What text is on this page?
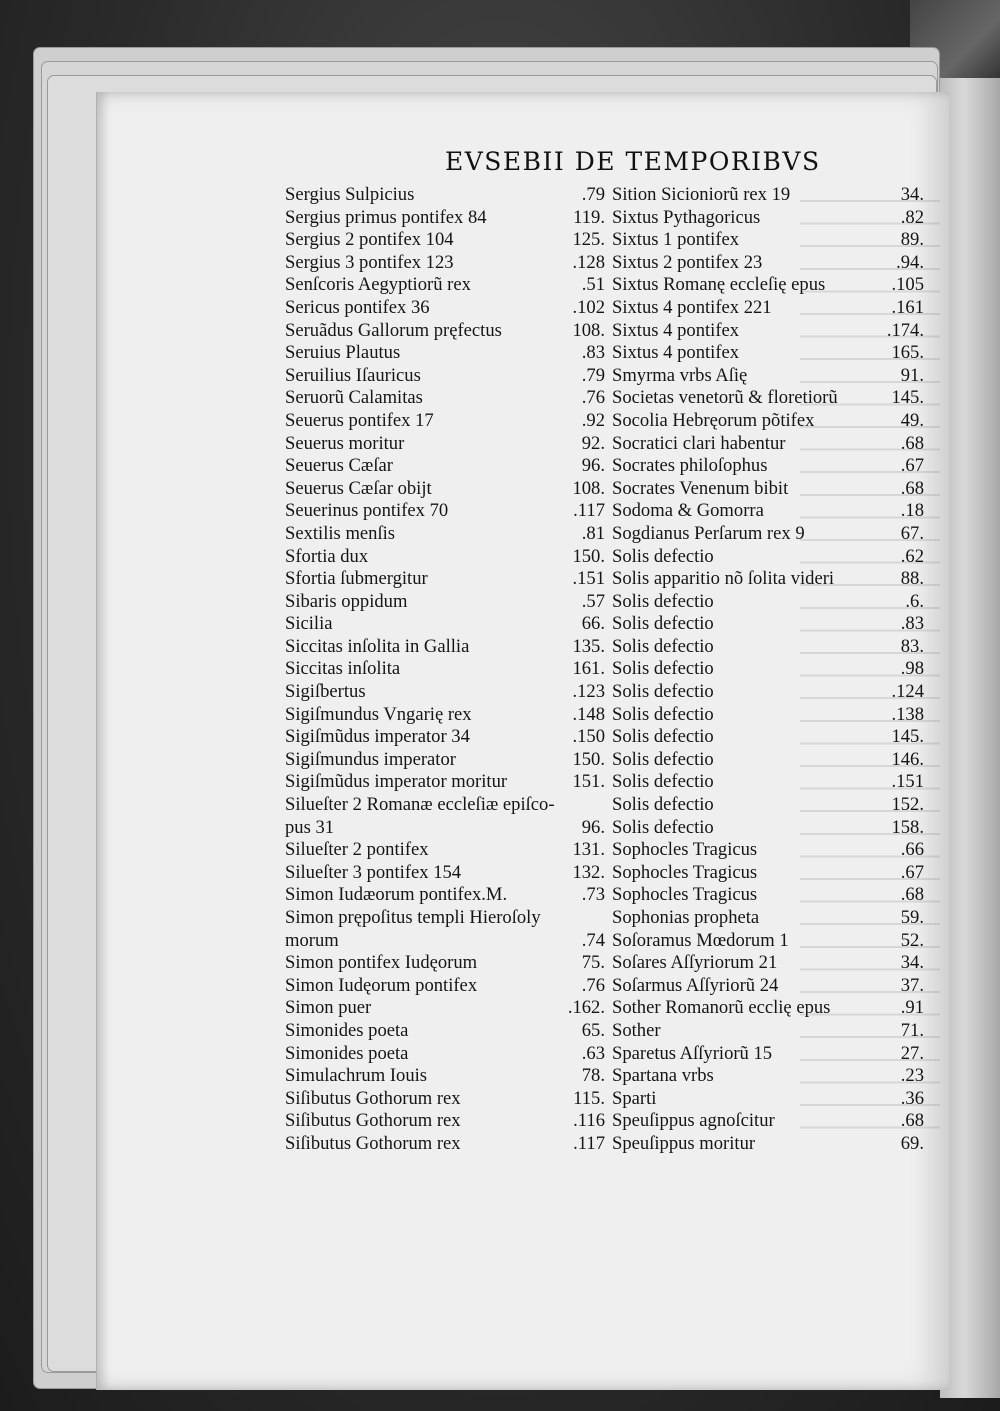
EVSEBII DE TEMPORIBVS
Sergius Sulpicius	.79
Sergius primus pontifex 84	119.
Sergius 2 pontifex 104	125.
Sergius 3 pontifex 123	.128
Senſcoris Aegyptiorũ rex	.51
Sericus pontifex 36	.102
Seruãdus Gallorum pręfectus	108.
Seruius Plautus	.83
Seruilius Iſauricus	.79
Seruorũ Calamitas	.76
Seuerus pontifex 17	.92
Seuerus moritur	92.
Seuerus Cæſar	96.
Seuerus Cæſar obijt	108.
Seuerinus pontifex 70	.117
Sextilis menſis	.81
Sfortia dux	150.
Sfortia ſubmergitur	.151
Sibaris oppidum	.57
Sicilia	66.
Siccitas inſolita in Gallia	135.
Siccitas inſolita	161.
Sigiſbertus	.123
Sigiſmundus Vngarię rex	.148
Sigiſmũdus imperator 34	.150
Sigiſmundus imperator	150.
Sigiſmũdus imperator moritur	151.
Silueſter 2 Romanæ eccleſiæ epiſco-
pus 31	96.
Silueſter 2 pontifex	131.
Silueſter 3 pontifex 154	132.
Simon Iudæorum pontifex.M.	.73
Simon prępoſitus templi Hieroſoly
morum	.74
Simon pontifex Iudęorum	75.
Simon Iudęorum pontifex	.76
Simon puer	.162.
Simonides poeta	65.
Simonides poeta	.63
Simulachrum Iouis	78.
Siſibutus Gothorum rex	115.
Siſibutus Gothorum rex	.116
Siſibutus Gothorum rex	.117
Sition Sicioniorũ rex 19	34.
Sixtus Pythagoricus	.82
Sixtus 1 pontifex	89.
Sixtus 2 pontifex 23	.94.
Sixtus Romanę eccleſię epus	.105
Sixtus 4 pontifex 221	.161
Sixtus 4 pontifex	.174.
Sixtus 4 pontifex	165.
Smyrma vrbs Aſię	91.
Societas venetorũ & floretiorũ	145.
Socolia Hebręorum põtifex	49.
Socratici clari habentur	.68
Socrates philoſophus	.67
Socrates Venenum bibit	.68
Sodoma & Gomorra	.18
Sogdianus Perſarum rex 9	67.
Solis defectio	.62
Solis apparitio nõ ſolita videri	88.
Solis defectio	.6.
Solis defectio	.83
Solis defectio	83.
Solis defectio	.98
Solis defectio	.124
Solis defectio	.138
Solis defectio	145.
Solis defectio	146.
Solis defectio	.151
Solis defectio	152.
Solis defectio	158.
Sophocles Tragicus	.66
Sophocles Tragicus	.67
Sophocles Tragicus	.68
Sophonias propheta	59.
Soſoramus Mœdorum 1	52.
Soſares Aſſyriorum 21	34.
Soſarmus Aſſyriorũ 24	37.
Sother Romanorũ ecclię epus	.91
Sother	71.
Sparetus Aſſyriorũ 15	27.
Spartana vrbs	.23
Sparti	.36
Speuſippus agnoſcitur	.68
Speuſippus moritur	69.
